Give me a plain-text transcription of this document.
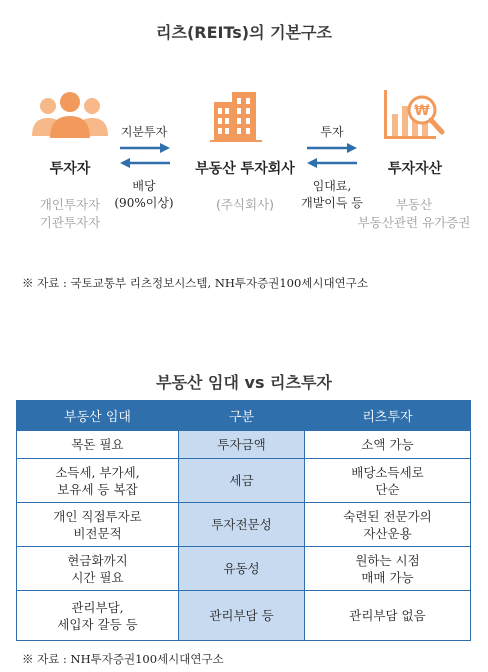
리츠(REITs)의 기본구조
투자자
개인투자자
기관투자자
부동산 투자회사
(주식회사)
₩
투자자산
부동산
부동산관련 유가증권
지분투자
배당
(90%이상)
투자
임대료,
개발이득 등
※ 자료 : 국토교통부 리츠정보시스템, NH투자증권100세시대연구소
부동산 임대 vs 리츠투자
부동산 임대	구분	리츠투자
목돈 필요	투자금액	소액 가능
소득세, 부가세,
보유세 등 복잡	세금	배당소득세로
단순
개인 직접투자로
비전문적	투자전문성	숙련된 전문가의
자산운용
현금화까지
시간 필요	유동성	원하는 시점
매매 가능
관리부담,
세입자 갈등 등	관리부담 등	관리부담 없음
※ 자료 : NH투자증권100세시대연구소
